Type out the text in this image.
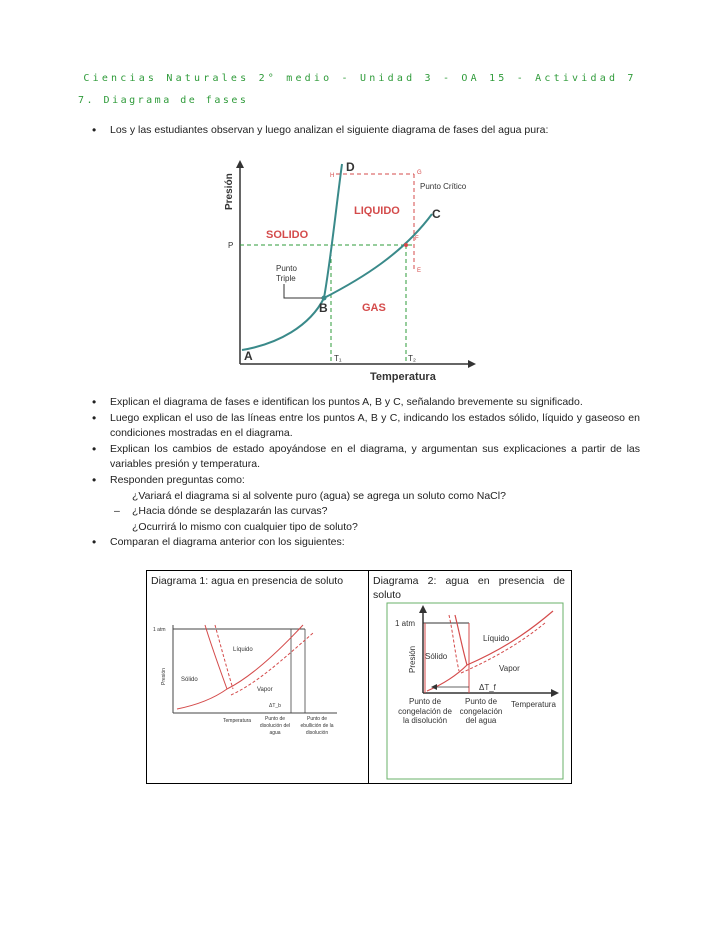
Ciencias Naturales 2° medio - Unidad 3 - OA 15 - Actividad 7
7. Diagrama de fases
• Los y las estudiantes observan y luego analizan el siguiente diagrama de fases del agua pura:
Presión
Temperatura
A
B
C
D
H	G
F
E
P
T₁	T₂
SOLIDO
LIQUIDO
GAS
Punto Crítico
Punto Triple
• Explican el diagrama de fases e identifican los puntos A, B y C, señalando brevemente su significado.
• Luego explican el uso de las líneas entre los puntos A, B y C, indicando los estados sólido, líquido y gaseoso en condiciones mostradas en el diagrama.
• Explican los cambios de estado apoyándose en el diagrama, y argumentan sus explicaciones a partir de las variables presión y temperatura.
• Responden preguntas como:
¿Variará el diagrama si al solvente puro (agua) se agrega un soluto como NaCl?
– ¿Hacia dónde se desplazarán las curvas?
¿Ocurrirá lo mismo con cualquier tipo de soluto?
• Comparan el diagrama anterior con los siguientes:
Diagrama 1: agua en presencia de soluto
1 atm
Presión
Líquido
Sólido
Vapor
ΔT_b
Temperatura	Punto de disolución del agua
Punto de ebullición de la disolución
Diagrama 2: agua en presencia de soluto
1 atm
Presión
Líquido
Sólido
Vapor
ΔT_f
Temperatura
Punto de congelación de la disolución
Punto de congelación del agua
